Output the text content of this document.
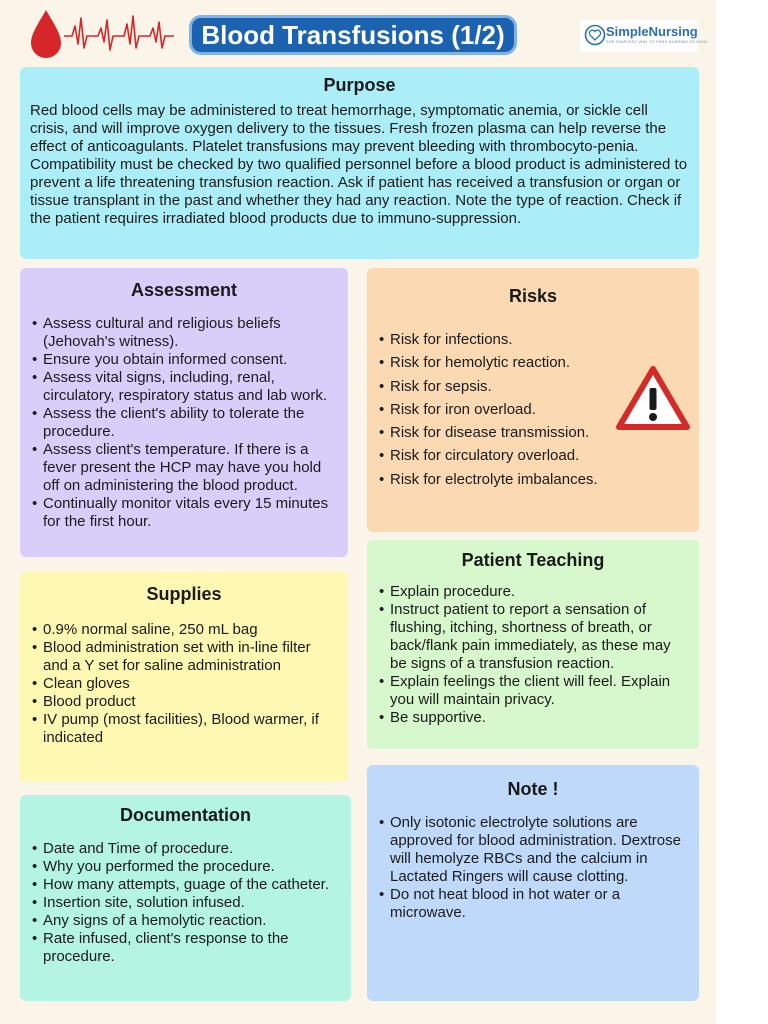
Blood Transfusions (1/2)	SimpleNursing
THE SIMPLEST WAY TO PASS NURSING SCHOOL
Purpose

Red blood cells may be administered to treat hemorrhage, symptomatic anemia, or sickle cell crisis, and will improve oxygen delivery to the tissues. Fresh frozen plasma can help reverse the effect of anticoagulants. Platelet transfusions may prevent bleeding with thrombocyto-penia. Compatibility must be checked by two qualified personnel before a blood product is administered to prevent a life threatening transfusion reaction. Ask if patient has received a transfusion or organ or tissue transplant in the past and whether they had any reaction. Note the type of reaction. Check if the patient requires irradiated blood products due to immuno-suppression.

Assessment
• Assess cultural and religious beliefs (Jehovah's witness).
• Ensure you obtain informed consent.
• Assess vital signs, including, renal, circulatory, respiratory status and lab work.
• Assess the client's ability to tolerate the procedure.
• Assess client's temperature. If there is a fever present the HCP may have you hold off on administering the blood product.
• Continually monitor vitals every 15 minutes for the first hour.
Risks
• Risk for infections.
• Risk for hemolytic reaction.
• Risk for sepsis.
• Risk for iron overload.
• Risk for disease transmission.
• Risk for circulatory overload.
• Risk for electrolyte imbalances.
Patient Teaching
• Explain procedure.
• Instruct patient to report a sensation of flushing, itching, shortness of breath, or back/flank pain immediately, as these may be signs of a transfusion reaction.
• Explain feelings the client will feel. Explain you will maintain privacy.
• Be supportive.
Supplies
• 0.9% normal saline, 250 mL bag
• Blood administration set with in-line filter and a Y set for saline administration
• Clean gloves
• Blood product
• IV pump (most facilities), Blood warmer, if indicated
Documentation
• Date and Time of procedure.
• Why you performed the procedure.
• How many attempts, guage of the catheter.
• Insertion site, solution infused.
• Any signs of a hemolytic reaction.
• Rate infused, client's response to the procedure.
Note !
• Only isotonic electrolyte solutions are approved for blood administration. Dextrose will hemolyze RBCs and the calcium in Lactated Ringers will cause clotting.
• Do not heat blood in hot water or a microwave.
